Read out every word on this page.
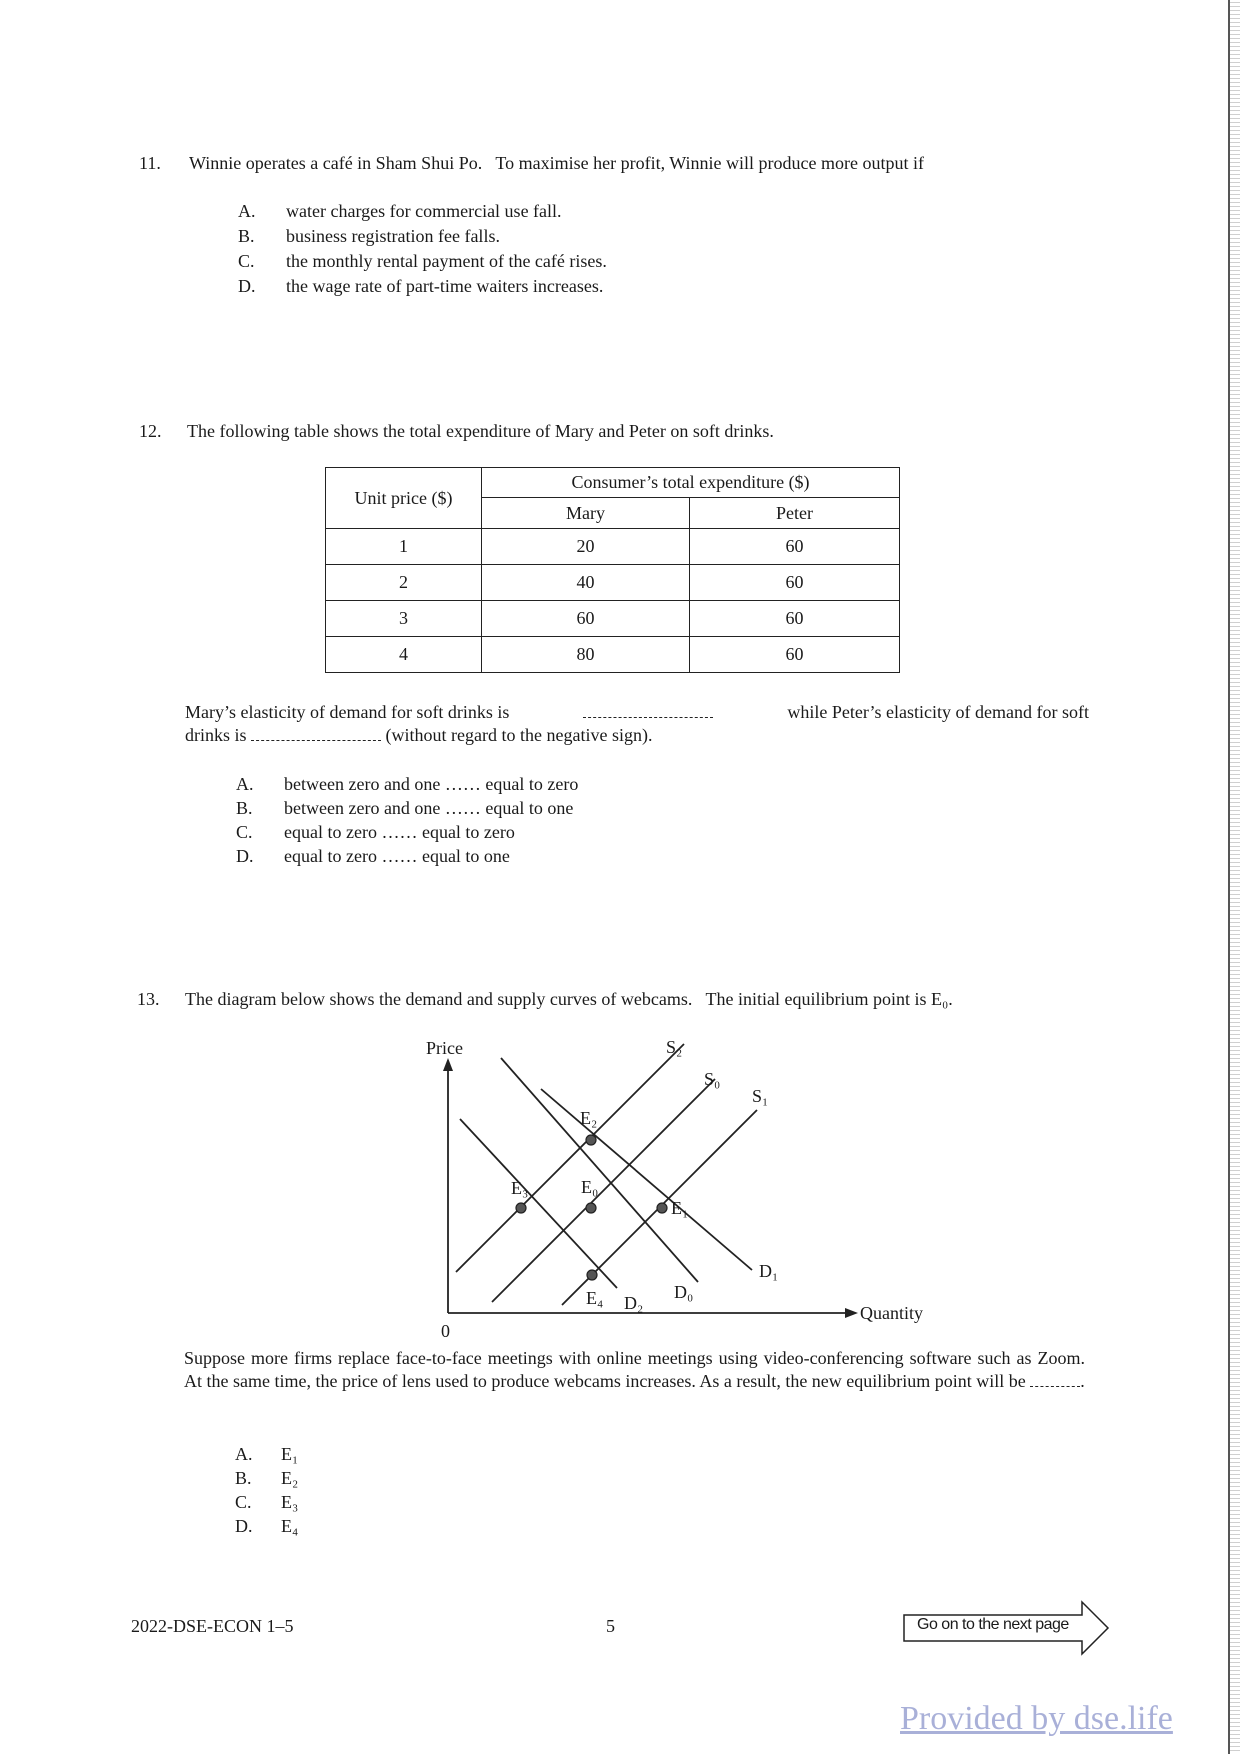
11.	Winnie operates a café in Sham Shui Po.   To maximise her profit, Winnie will produce more output if
A. water charges for commercial use fall.
B. business registration fee falls.
C. the monthly rental payment of the café rises.
D. the wage rate of part-time waiters increases.
12.	The following table shows the total expenditure of Mary and Peter on soft drinks.
Unit price ($)	Consumer’s total expenditure ($)	
	Mary	Peter
1	20	60
2	40	60
3	60	60
4	80	60
Mary’s elasticity of demand for soft drinks is	while Peter’s elasticity of demand for soft
drinks is	(without regard to the negative sign).
A. between zero and one …… equal to zero
B. between zero and one …… equal to one
C. equal to zero …… equal to zero
D. equal to zero …… equal to one
13.	The diagram below shows the demand and supply curves of webcams.   The initial equilibrium point is E₀.
Price
Quantity
0
S₂
S₀
S₁
D₁
D₀
D₂
E₂
E₃	E₀
E₁
E₄
Suppose more firms replace face-to-face meetings with online meetings using video-conferencing software such as Zoom. At the same time, the price of lens used to produce webcams increases. As a result, the new equilibrium point will be	.
A. E₁
B. E₂
C. E₃
D. E₄
2022-DSE-ECON 1–5	5	Go on to the next page
Provided by dse.life
